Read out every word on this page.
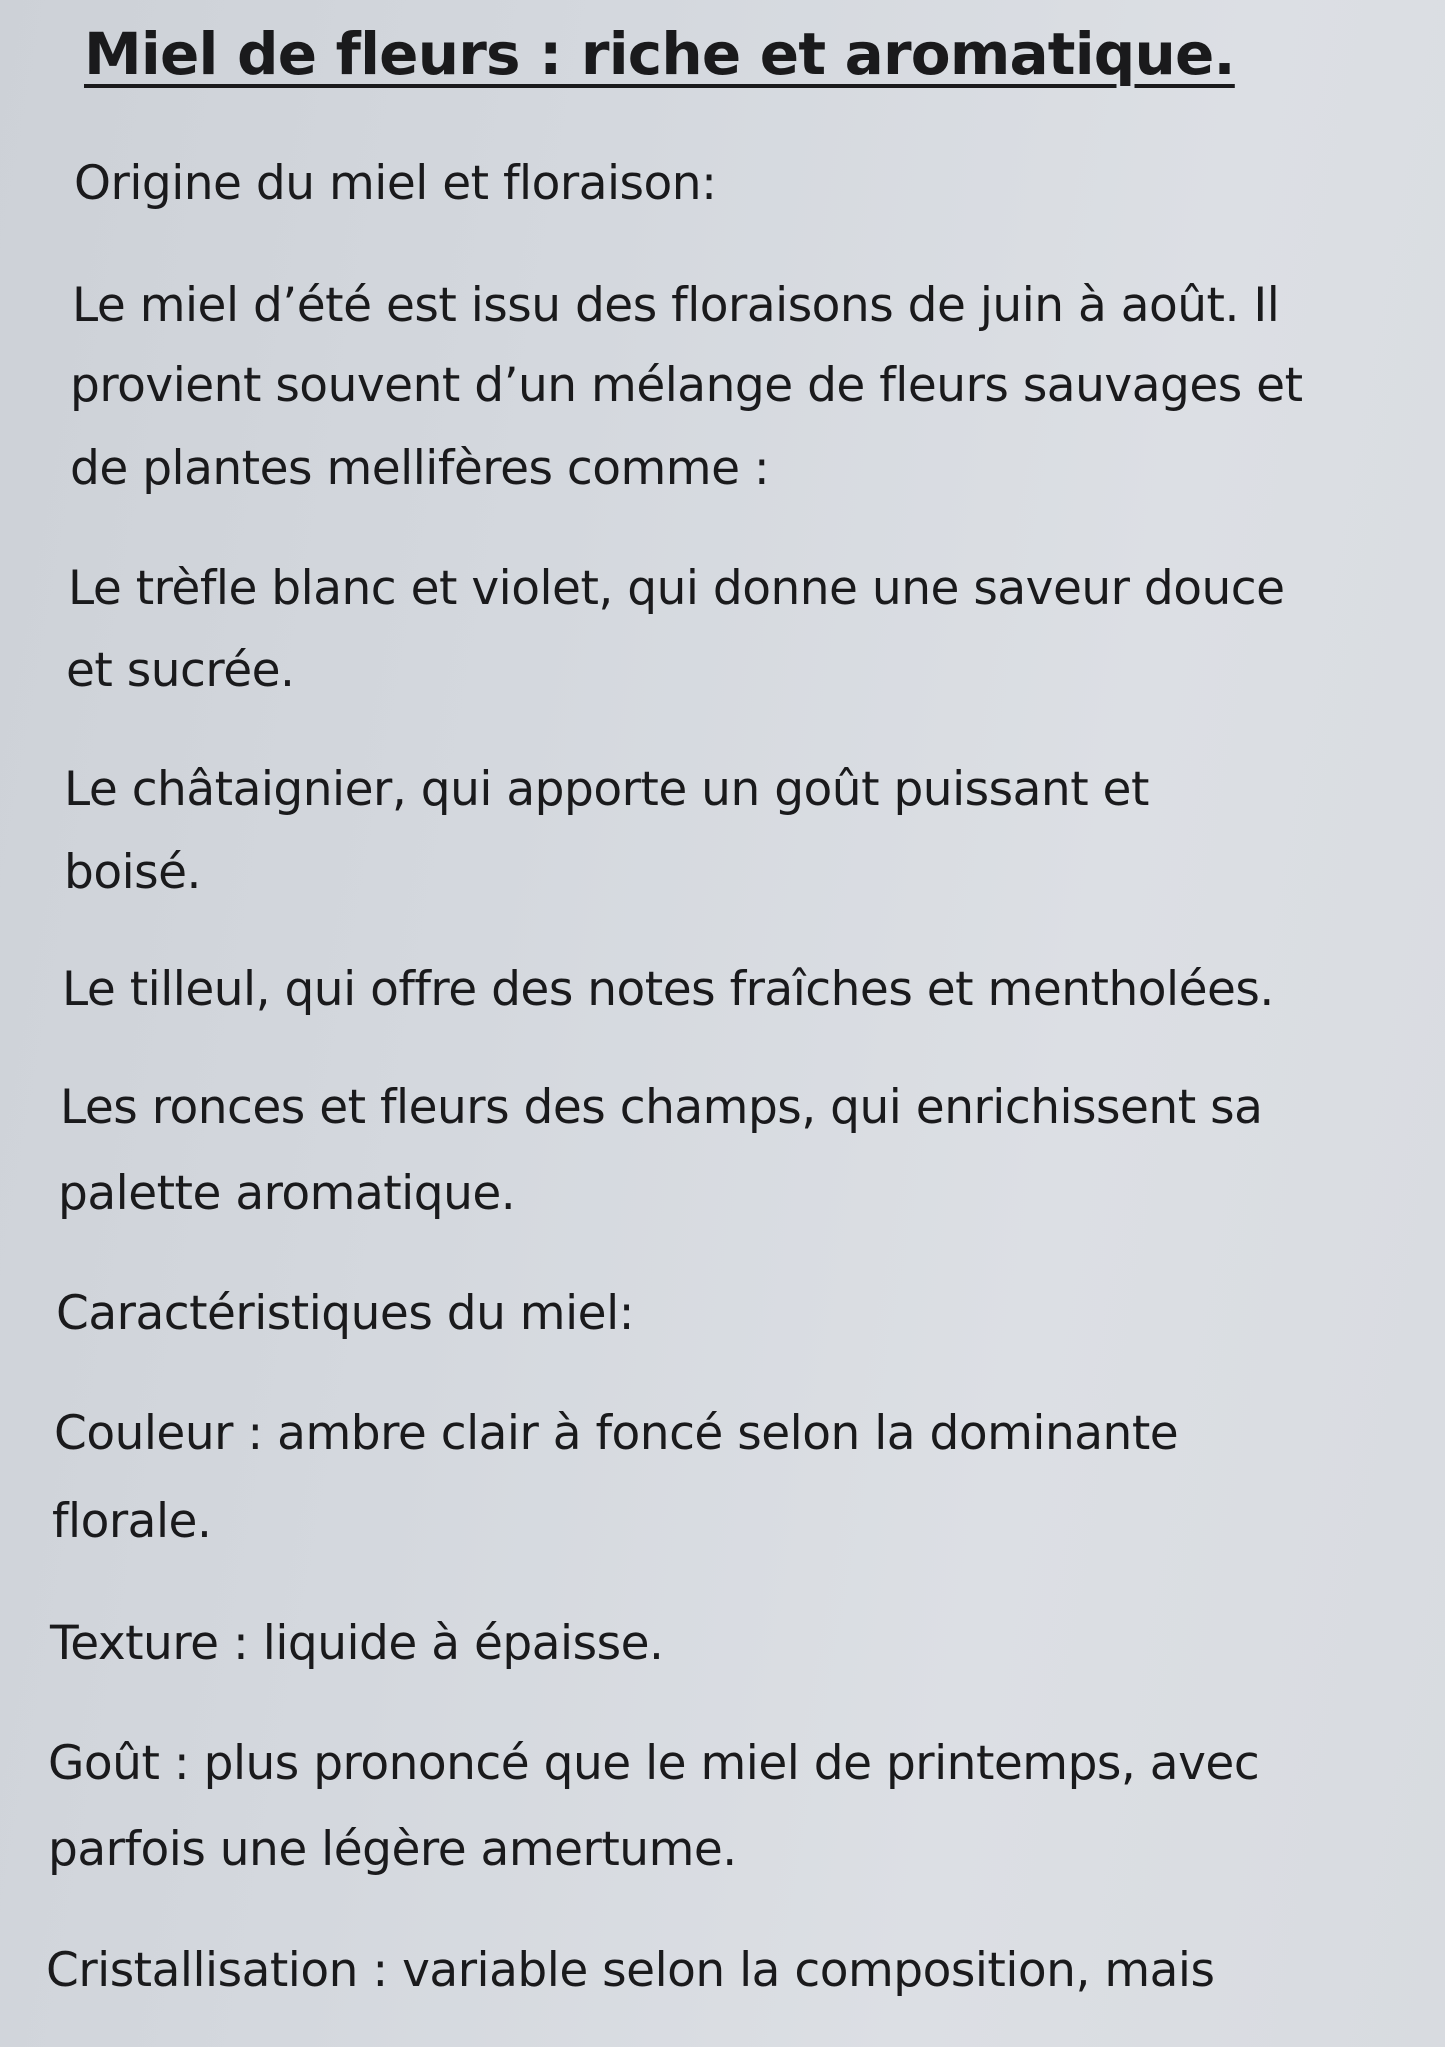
Miel de fleurs : riche et aromatique.

Origine du miel et floraison:

Le miel d’été est issu des floraisons de juin à août. Il

provient souvent d’un mélange de fleurs sauvages et

de plantes mellifères comme :

Le trèfle blanc et violet, qui donne une saveur douce

et sucrée.

Le châtaignier, qui apporte un goût puissant et

boisé.

Le tilleul, qui offre des notes fraîches et mentholées.

Les ronces et fleurs des champs, qui enrichissent sa

palette aromatique.

Caractéristiques du miel:

Couleur : ambre clair à foncé selon la dominante

florale.

Texture : liquide à épaisse.

Goût : plus prononcé que le miel de printemps, avec

parfois une légère amertume.

Cristallisation : variable selon la composition, mais
